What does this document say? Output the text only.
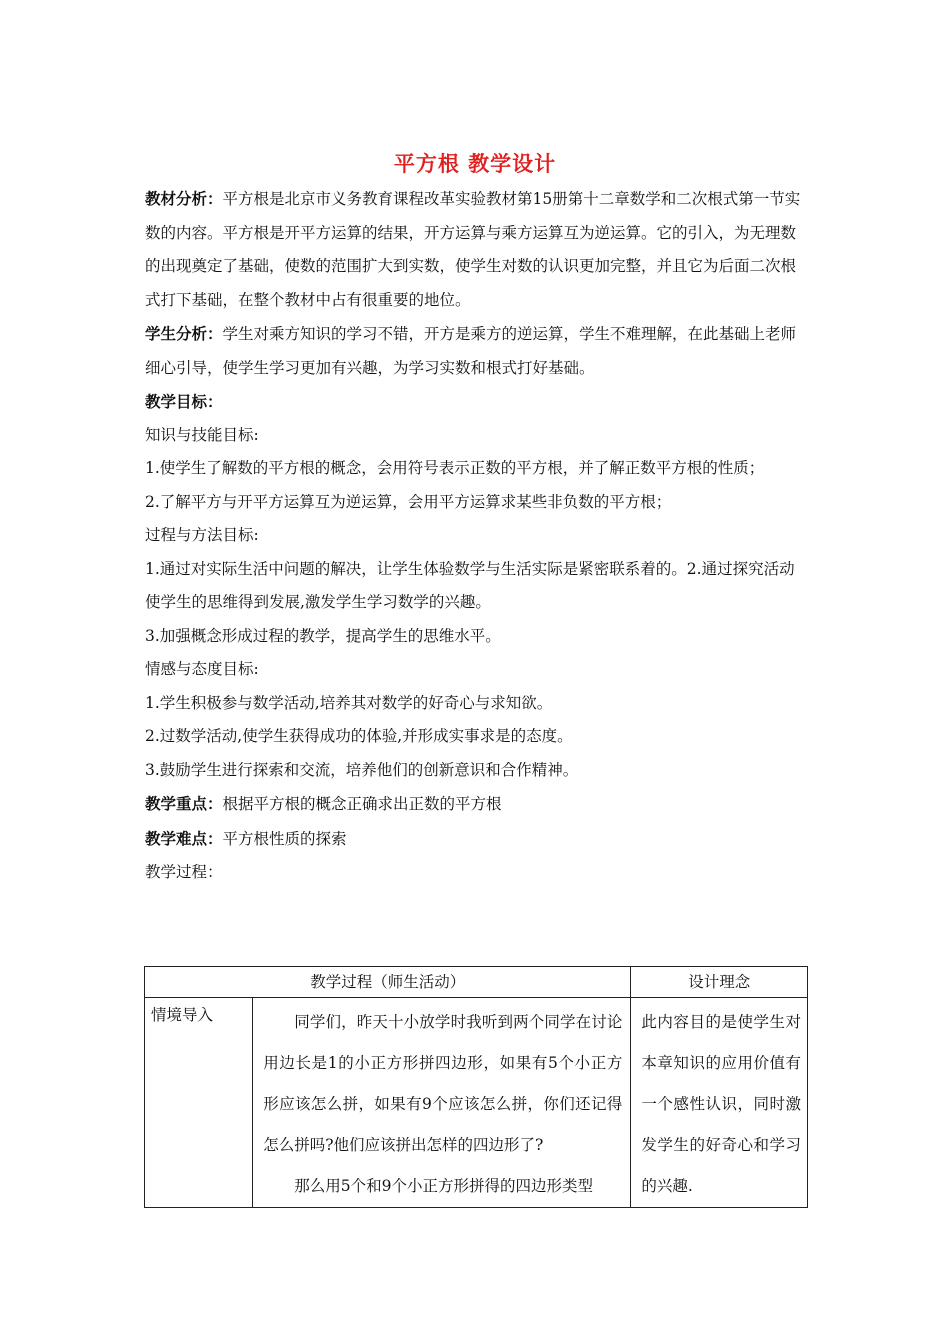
平方根 教学设计

教材分析：平方根是北京市义务教育课程改革实验教材第15册第十二章数学和二次根式第一节实数的内容。平方根是开平方运算的结果，开方运算与乘方运算互为逆运算。它的引入，为无理数的出现奠定了基础，使数的范围扩大到实数，使学生对数的认识更加完整，并且它为后面二次根式打下基础，在整个教材中占有很重要的地位。

学生分析：学生对乘方知识的学习不错，开方是乘方的逆运算，学生不难理解，在此基础上老师细心引导，使学生学习更加有兴趣，为学习实数和根式打好基础。

教学目标：

知识与技能目标:

1.使学生了解数的平方根的概念，会用符号表示正数的平方根，并了解正数平方根的性质；

2.了解平方与开平方运算互为逆运算，会用平方运算求某些非负数的平方根；

过程与方法目标:

1.通过对实际生活中问题的解决，让学生体验数学与生活实际是紧密联系着的。2.通过探究活动使学生的思维得到发展,激发学生学习数学的兴趣。

3.加强概念形成过程的教学，提高学生的思维水平。

情感与态度目标:

1.学生积极参与数学活动,培养其对数学的好奇心与求知欲。

2.过数学活动,使学生获得成功的体验,并形成实事求是的态度。

3.鼓励学生进行探索和交流，培养他们的创新意识和合作精神。

教学重点：根据平方根的概念正确求出正数的平方根

教学难点：平方根性质的探索

教学过程：

教学过程（师生活动）		设计理念
情境导入	同学们，昨天十小放学时我听到两个同学在讨论用边长是1的小正方形拼四边形，如果有5个小正方形应该怎么拼，如果有9个应该怎么拼，你们还记得怎么拼吗?他们应该拼出怎样的四边形了?
那么用5个和9个小正方形拼得的四边形类型	此内容目的是使学生对本章知识的应用价值有一个感性认识，同时激发学生的好奇心和学习的兴趣.
